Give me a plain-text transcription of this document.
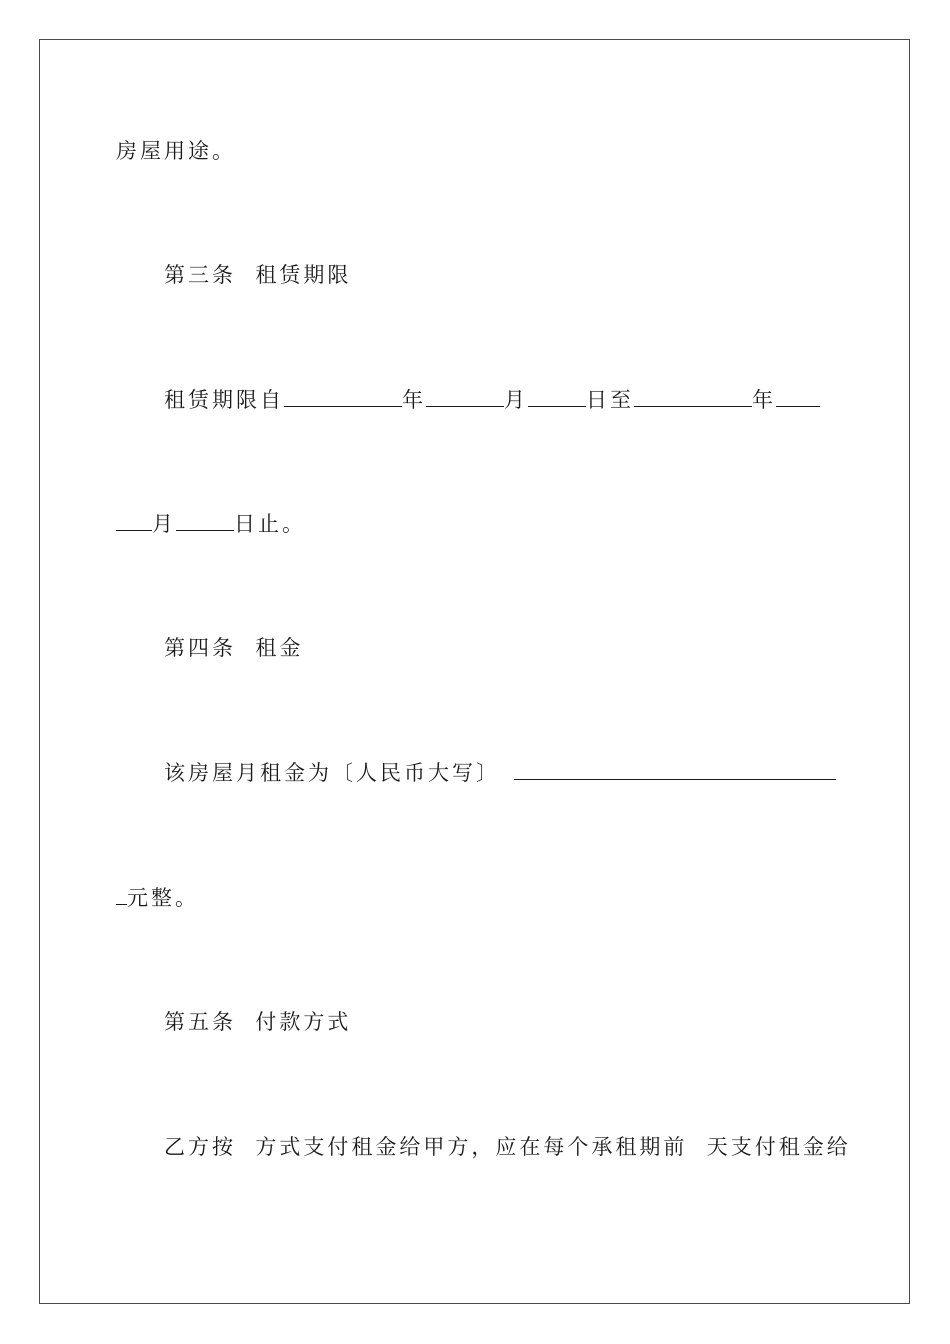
房屋用途。
第三条  租赁期限
租赁期限自	年	月	日至	年
月	日止。
第四条  租金
该房屋月租金为〔人民币大写〕
元整。
第五条  付款方式
乙方按  方式支付租金给甲方，应在每个承租期前  天支付租金给
